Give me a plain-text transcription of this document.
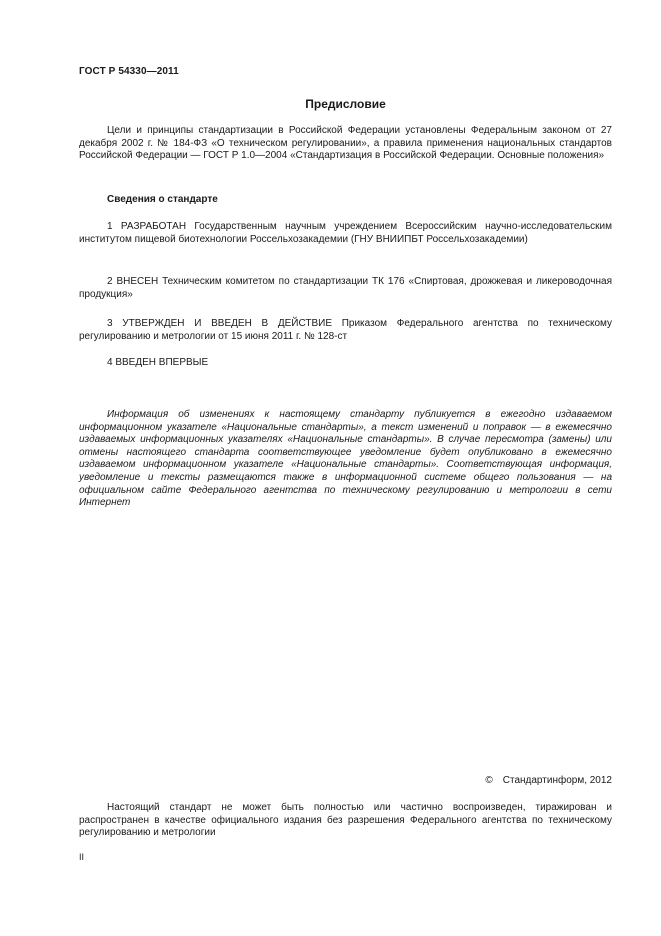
ГОСТ Р 54330—2011
Предисловие

Цели и принципы стандартизации в Российской Федерации установлены Федеральным законом от 27 декабря 2002 г. № 184-ФЗ «О техническом регулировании», а правила применения национальных стандартов Российской Федерации — ГОСТ Р 1.0—2004 «Стандартизация в Российской Федерации. Основные положения»

Сведения о стандарте

1 РАЗРАБОТАН Государственным научным учреждением Всероссийским научно-исследовательским институтом пищевой биотехнологии Россельхозакадемии (ГНУ ВНИИПБТ Россельхозакадемии)

2 ВНЕСЕН Техническим комитетом по стандартизации ТК 176 «Спиртовая, дрожжевая и ликероводочная продукция»

3 УТВЕРЖДЕН И ВВЕДЕН В ДЕЙСТВИЕ Приказом Федерального агентства по техническому регулированию и метрологии от 15 июня 2011 г. № 128-ст

4 ВВЕДЕН ВПЕРВЫЕ

Информация об изменениях к настоящему стандарту публикуется в ежегодно издаваемом информационном указателе «Национальные стандарты», а текст изменений и поправок — в ежемесячно издаваемых информационных указателях «Национальные стандарты». В случае пересмотра (замены) или отмены настоящего стандарта соответствующее уведомление будет опубликовано в ежемесячно издаваемом информационном указателе «Национальные стандарты». Соответствующая информация, уведомление и тексты размещаются также в информационной системе общего пользования — на официальном сайте Федерального агентства по техническому регулированию и метрологии в сети Интернет

© Стандартинформ, 2012

Настоящий стандарт не может быть полностью или частично воспроизведен, тиражирован и распространен в качестве официального издания без разрешения Федерального агентства по техническому регулированию и метрологии

II
